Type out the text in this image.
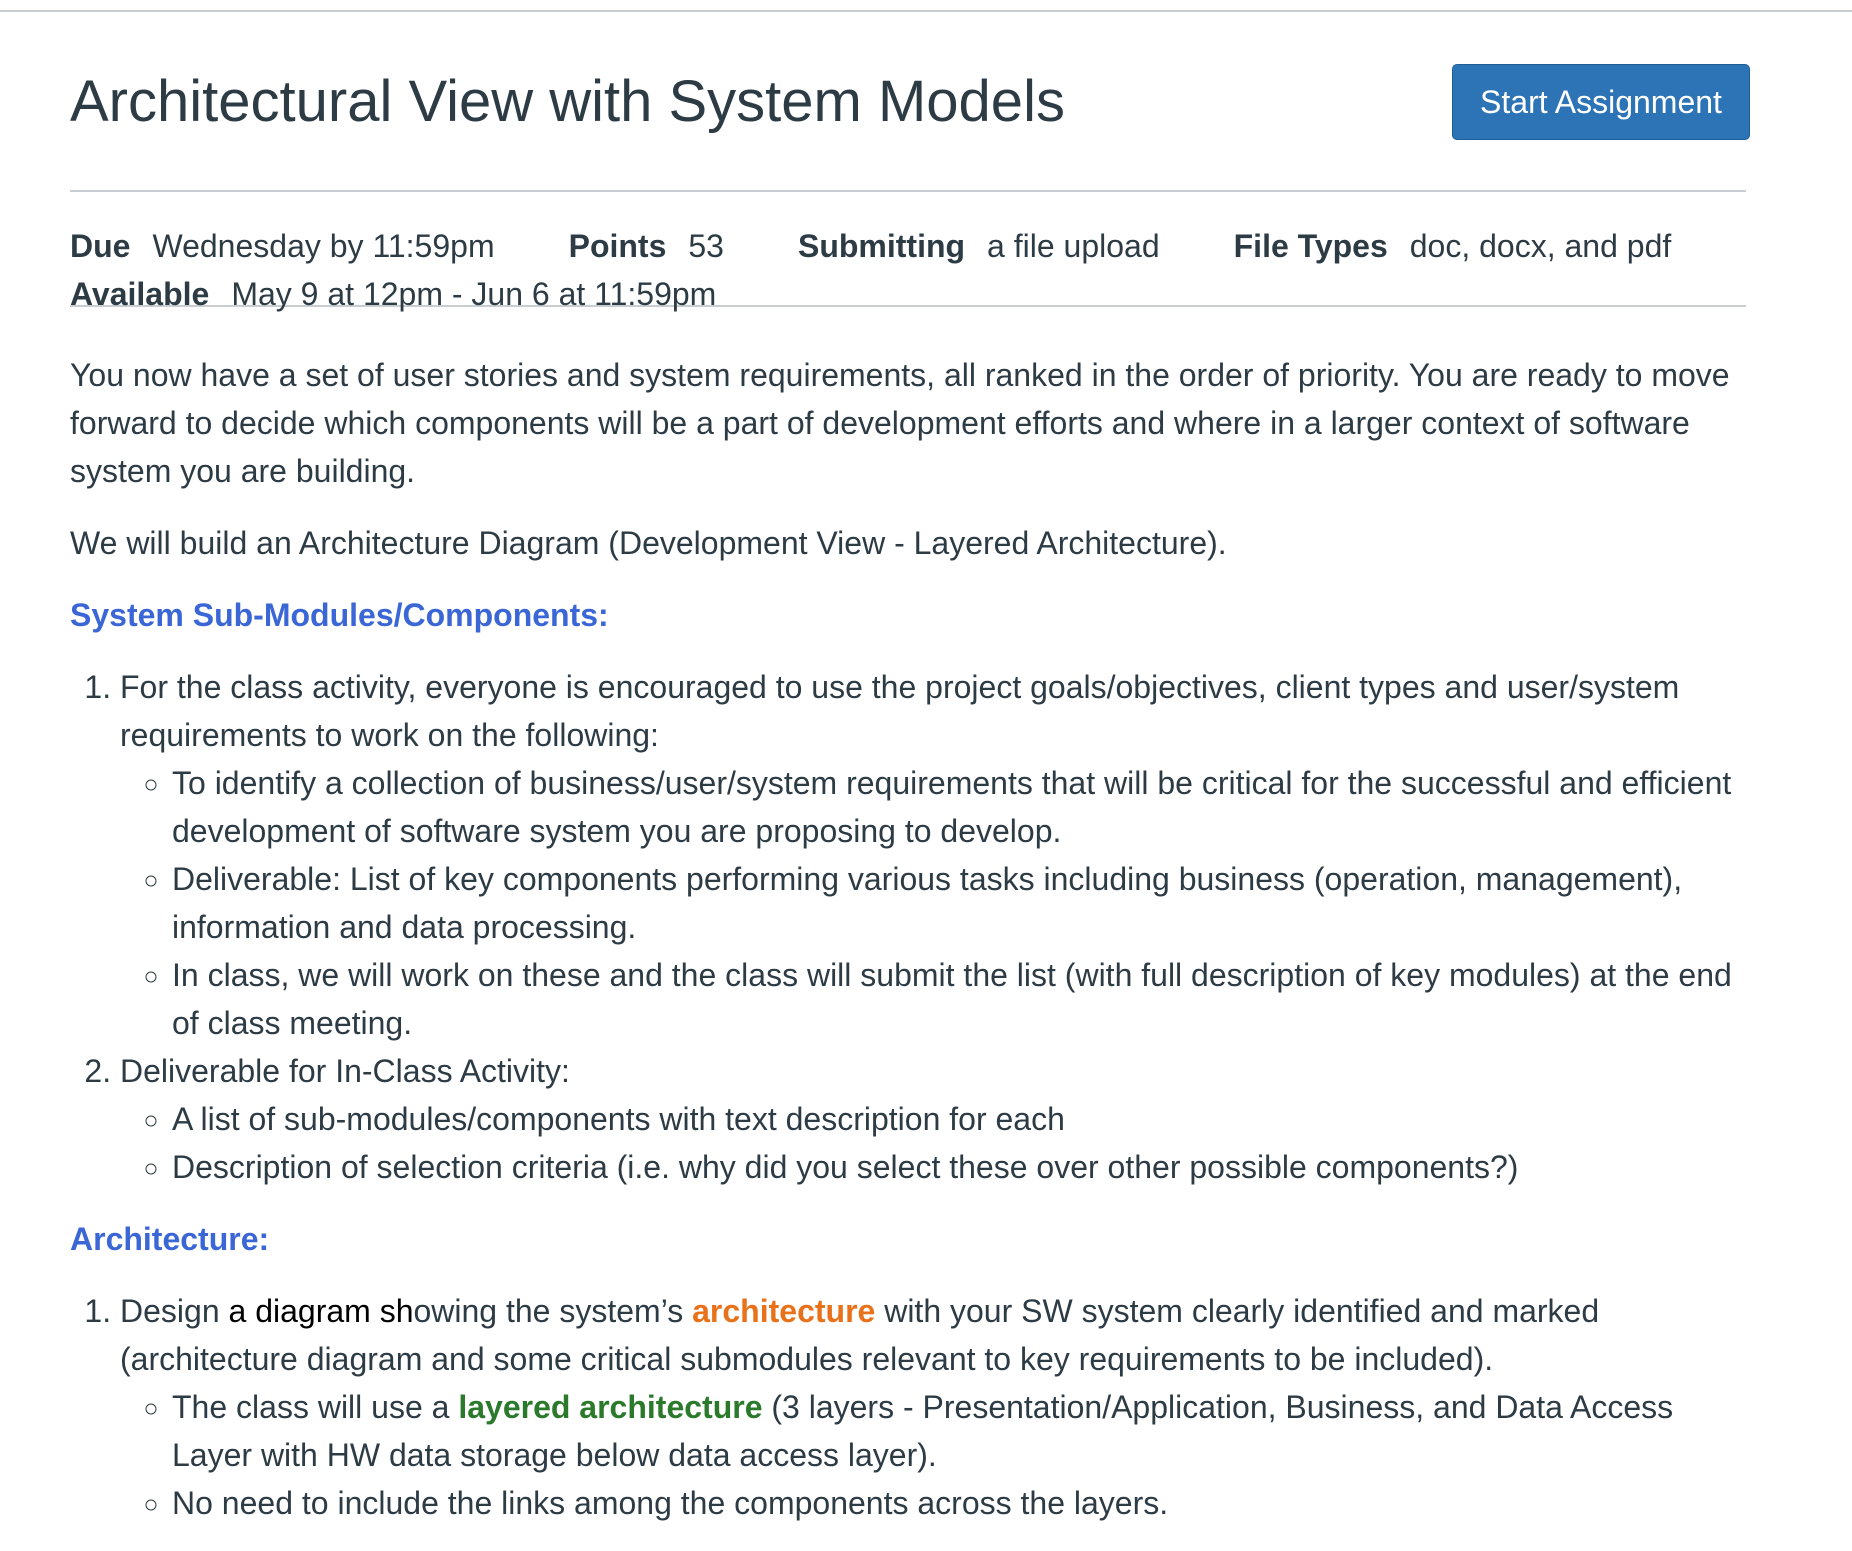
Architectural View with System Models	Start Assignment
Due Wednesday by 11:59pm Points 53 Submitting a file upload File Types doc, docx, and pdf
Available May 9 at 12pm - Jun 6 at 11:59pm

You now have a set of user stories and system requirements, all ranked in the order of priority. You are ready to move forward to decide which components will be a part of development efforts and where in a larger context of software system you are building.

We will build an Architecture Diagram (Development View - Layered Architecture).

System Sub-Modules/Components:
1. For the class activity, everyone is encouraged to use the project goals/objectives, client types and user/system requirements to work on the following:
◦ To identify a collection of business/user/system requirements that will be critical for the successful and efficient development of software system you are proposing to develop.
◦ Deliverable: List of key components performing various tasks including business (operation, management), information and data processing.
◦ In class, we will work on these and the class will submit the list (with full description of key modules) at the end of class meeting.
2. Deliverable for In-Class Activity:
◦ A list of sub-modules/components with text description for each
◦ Description of selection criteria (i.e. why did you select these over other possible components?)
Architecture:
1. Design a diagram showing the system’s architecture with your SW system clearly identified and marked (architecture diagram and some critical submodules relevant to key requirements to be included).
◦ The class will use a layered architecture (3 layers - Presentation/Application, Business, and Data Access Layer with HW data storage below data access layer).
◦ No need to include the links among the components across the layers.
